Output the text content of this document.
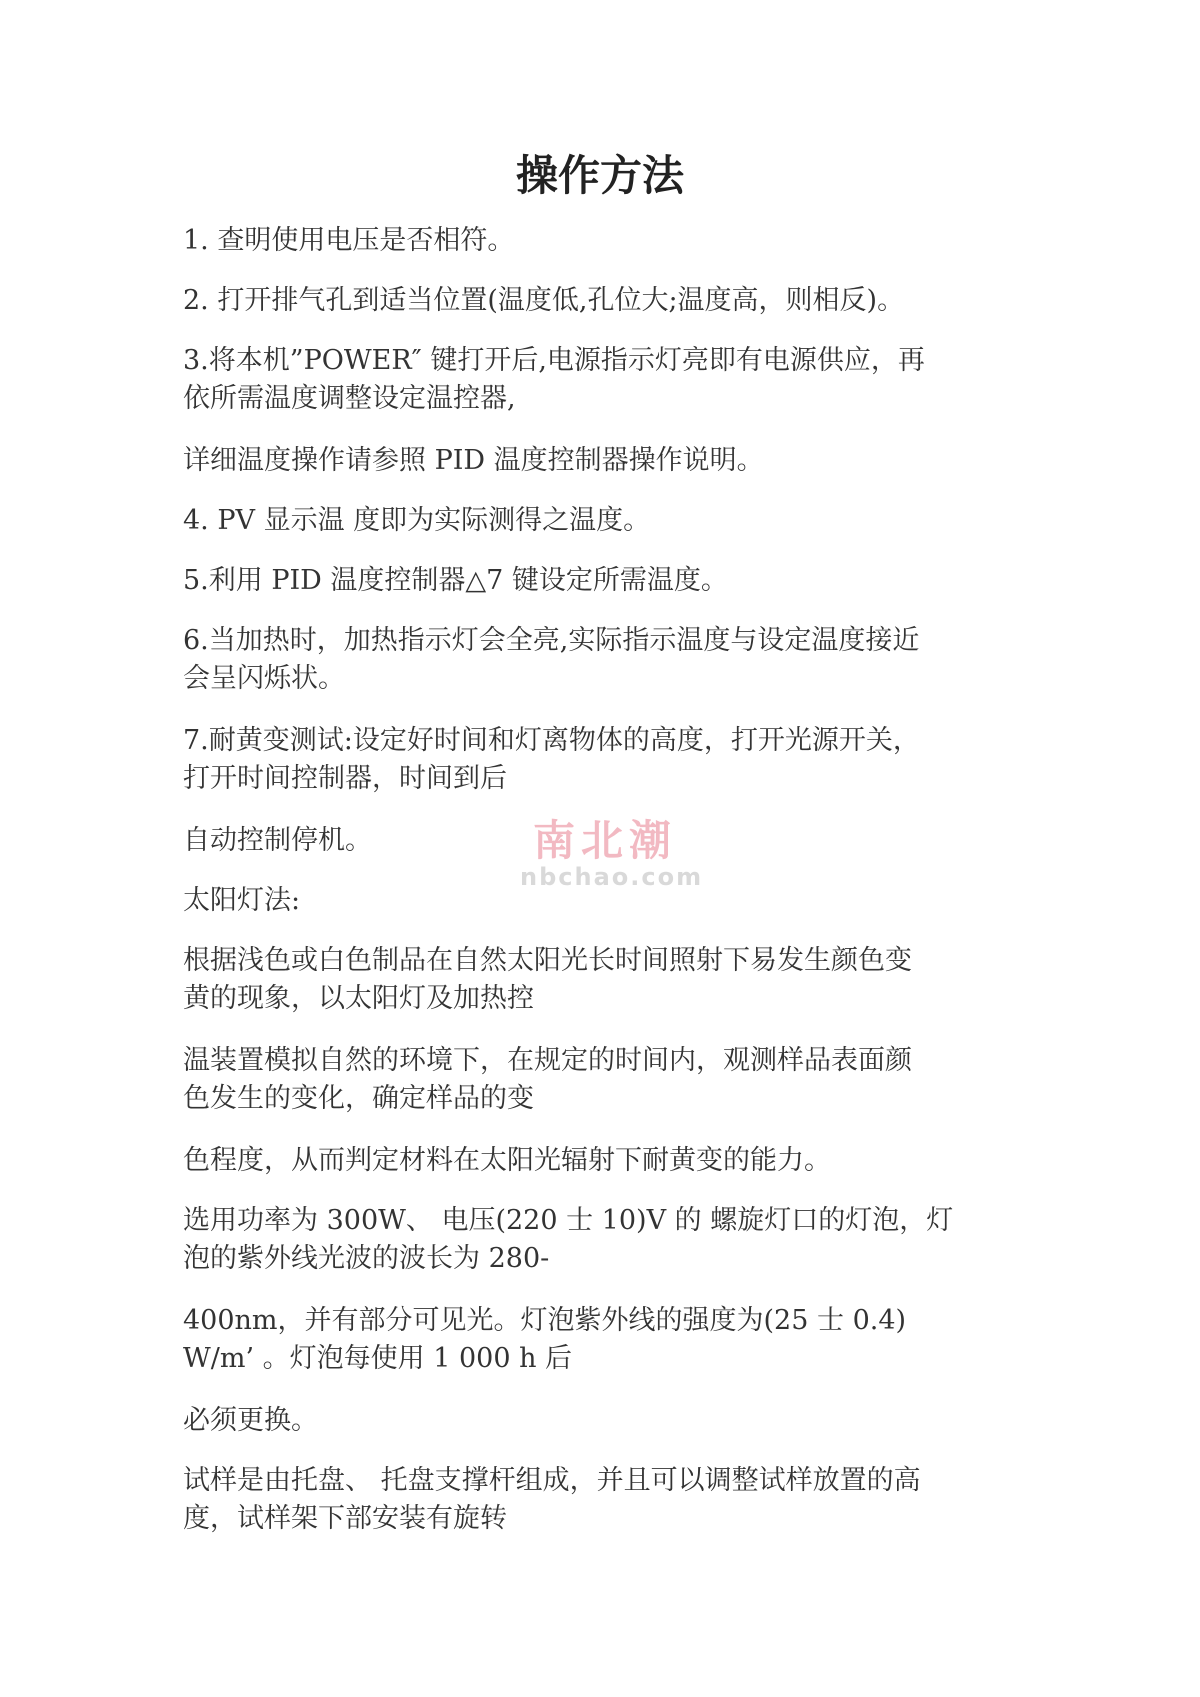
操作方法

1. 查明使用电压是否相符。

2. 打开排气孔到适当位置(温度低,孔位大;温度高，则相反)。

3.将本机”POWER″ 键打开后,电源指示灯亮即有电源供应，再
依所需温度调整设定温控器,

详细温度操作请参照 PID 温度控制器操作说明。

4. PV 显示温 度即为实际测得之温度。

5.利用 PID 温度控制器△7 键设定所需温度。

6.当加热时，加热指示灯会全亮,实际指示温度与设定温度接近
会呈闪烁状。

7.耐黄变测试:设定好时间和灯离物体的高度，打开光源开关，
打开时间控制器，时间到后

自动控制停机。

太阳灯法:

根据浅色或白色制品在自然太阳光长时间照射下易发生颜色变
黄的现象，以太阳灯及加热控

温装置模拟自然的环境下，在规定的时间内，观测样品表面颜
色发生的变化，确定样品的变

色程度，从而判定材料在太阳光辐射下耐黄变的能力。

选用功率为 300W、 电压(220 士 10)V 的 螺旋灯口的灯泡，灯
泡的紫外线光波的波长为 280-

400nm，并有部分可见光。灯泡紫外线的强度为(25 士 0.4)
W/m’ 。灯泡每使用 1 000 h 后

必须更换。

试样是由托盘、 托盘支撑杆组成，并且可以调整试样放置的高
度，试样架下部安装有旋转

南北潮
nbchao.com
